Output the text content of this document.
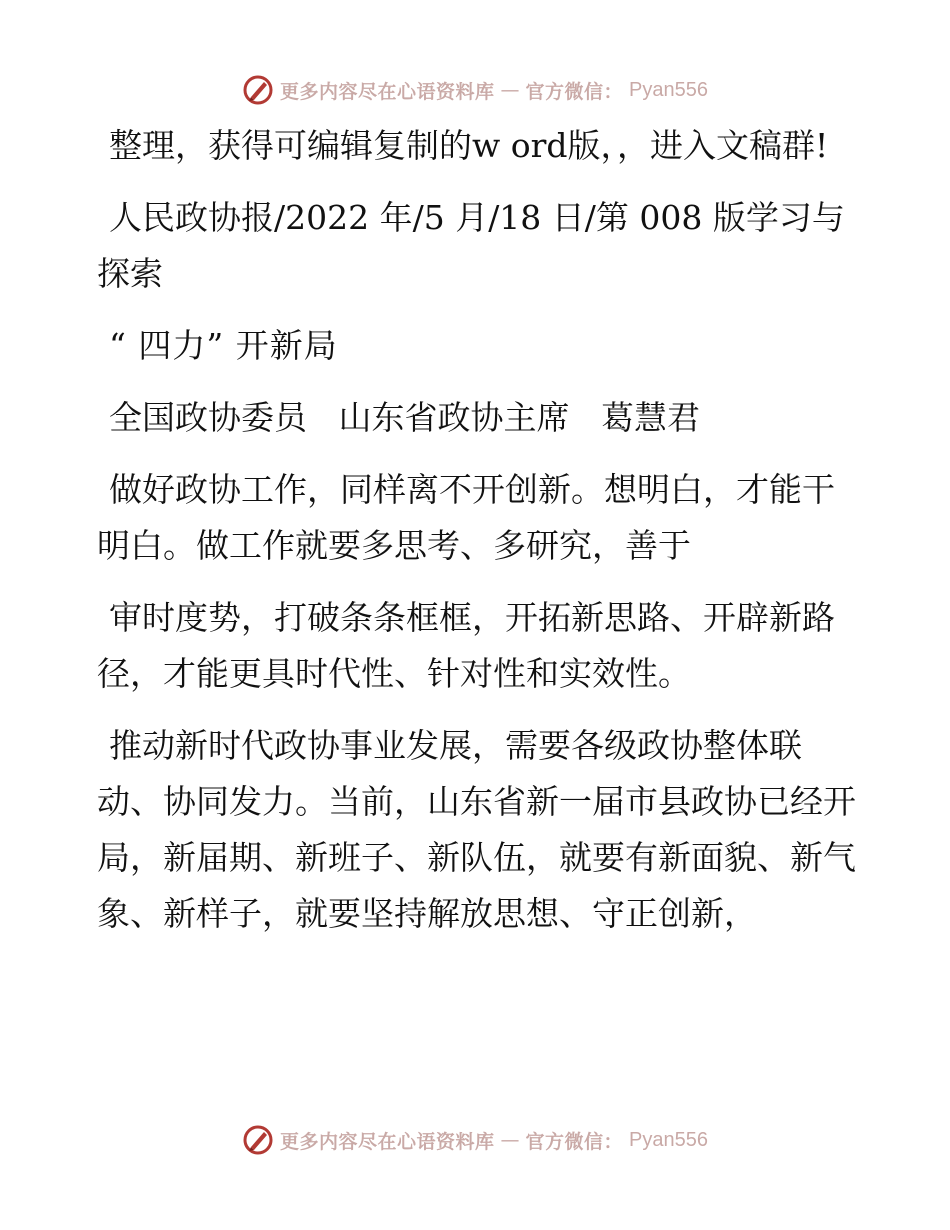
更多内容尽在心语资料库 — 官方微信： Pyan556

整理，获得可编辑复制的w ord版，，进入文稿群!

人民政协报/2022 年/5 月/18 日/第 008 版学习与探索

“ 四力” 开新局

全国政协委员   山东省政协主席   葛慧君

做好政协工作，同样离不开创新。想明白，才能干明白。做工作就要多思考、多研究，善于

审时度势，打破条条框框，开拓新思路、开辟新路径，才能更具时代性、针对性和实效性。

推动新时代政协事业发展，需要各级政协整体联动、协同发力。当前，山东省新一届市县政协已经开局，新届期、新班子、新队伍，就要有新面貌、新气象、新样子，就要坚持解放思想、守正创新，

更多内容尽在心语资料库 — 官方微信： Pyan556
